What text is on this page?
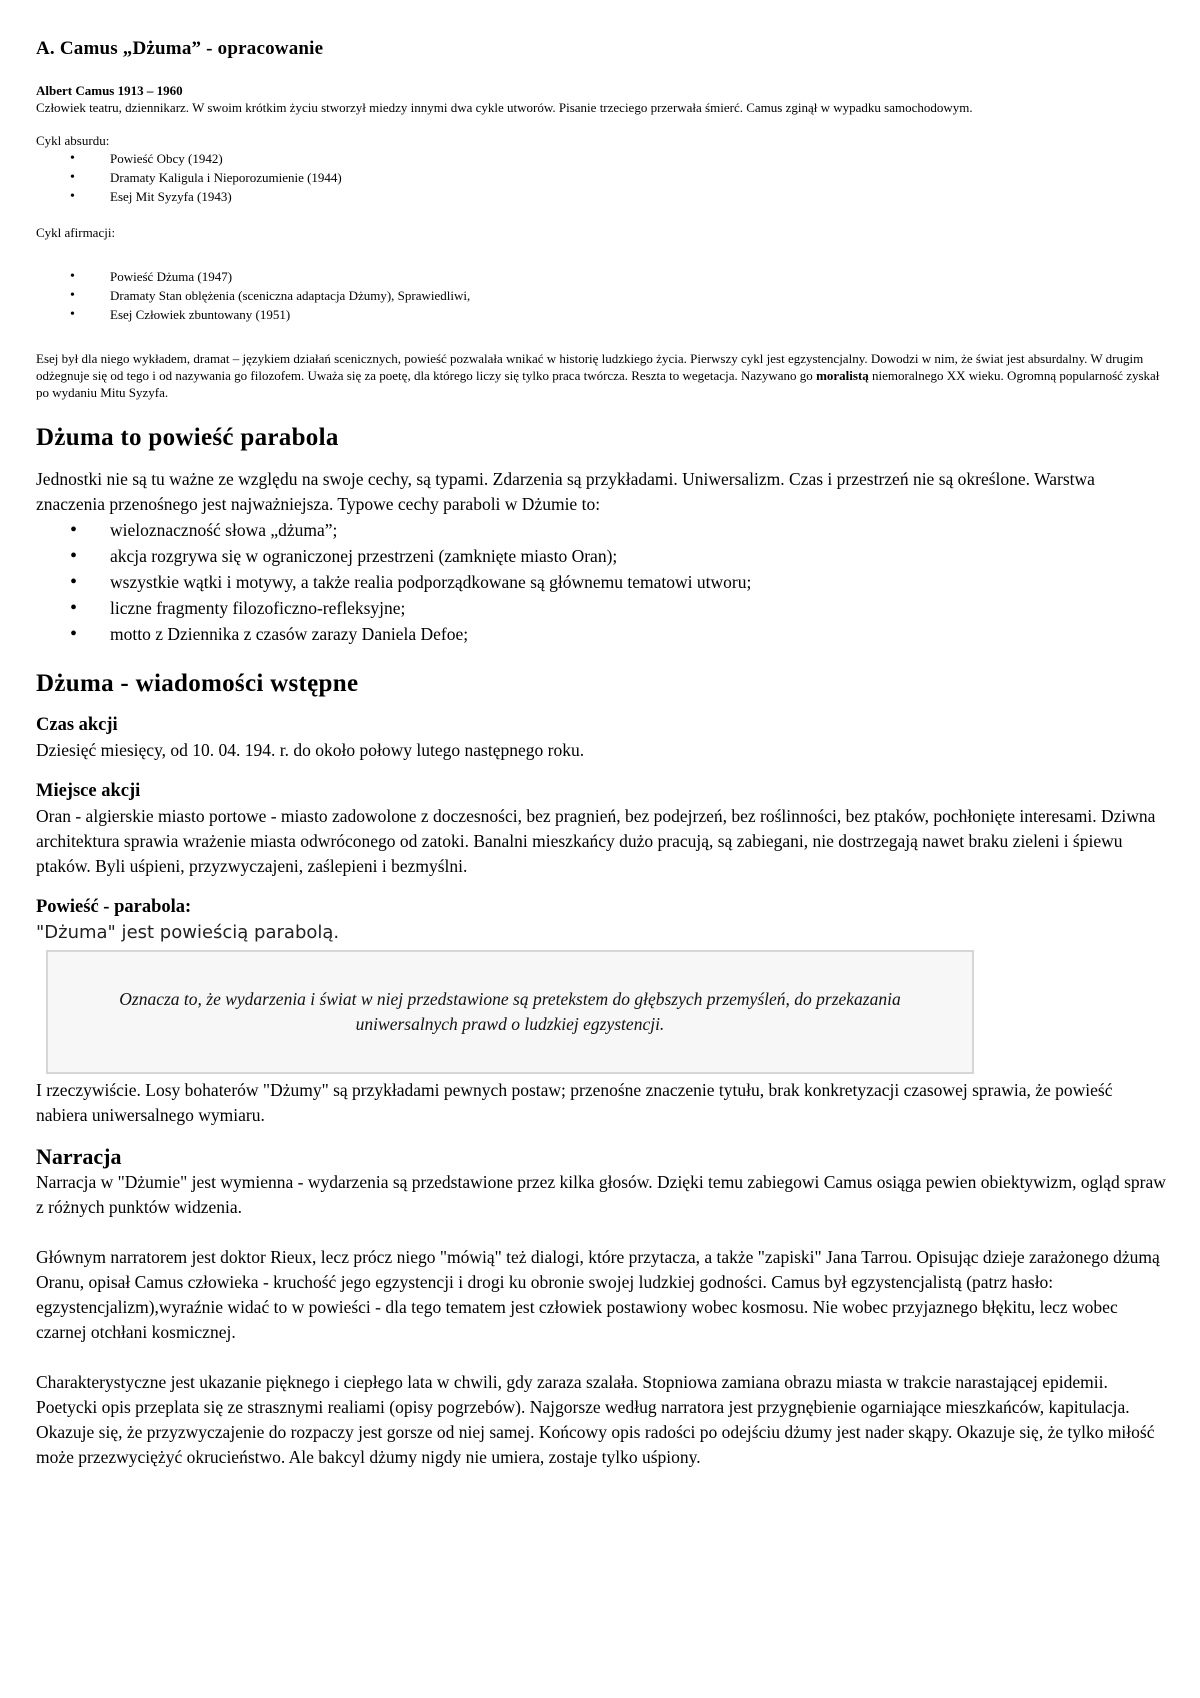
A. Camus „Dżuma” - opracowanie

Albert Camus 1913 – 1960

Człowiek teatru, dziennikarz. W swoim krótkim życiu stworzył miedzy innymi dwa cykle utworów. Pisanie trzeciego przerwała śmierć. Camus zginął w wypadku samochodowym.

Cykl absurdu:

• Powieść Obcy (1942)
• Dramaty Kaligula i Nieporozumienie (1944)
• Esej Mit Syzyfa (1943)

Cykl afirmacji:

• Powieść Dżuma (1947)
• Dramaty Stan oblężenia (sceniczna adaptacja Dżumy), Sprawiedliwi,
• Esej Człowiek zbuntowany (1951)

Esej był dla niego wykładem, dramat – językiem działań scenicznych, powieść pozwalała wnikać w historię ludzkiego życia. Pierwszy cykl jest egzystencjalny. Dowodzi w nim, że świat jest absurdalny. W drugim odżegnuje się od tego i od nazywania go filozofem. Uważa się za poetę, dla którego liczy się tylko praca twórcza. Reszta to wegetacja. Nazywano go moralistą niemoralnego XX wieku. Ogromną popularność zyskał po wydaniu Mitu Syzyfa.

Dżuma to powieść parabola

Jednostki nie są tu ważne ze względu na swoje cechy, są typami. Zdarzenia są przykładami. Uniwersalizm. Czas i przestrzeń nie są określone. Warstwa znaczenia przenośnego jest najważniejsza. Typowe cechy paraboli w Dżumie to:

• wieloznaczność słowa „dżuma”;
• akcja rozgrywa się w ograniczonej przestrzeni (zamknięte miasto Oran);
• wszystkie wątki i motywy, a także realia podporządkowane są głównemu tematowi utworu;
• liczne fragmenty filozoficzno-refleksyjne;
• motto z Dziennika z czasów zarazy Daniela Defoe;
Dżuma - wiadomości wstępne
Czas akcji

Dziesięć miesięcy, od 10. 04. 194. r. do około połowy lutego następnego roku.

Miejsce akcji

Oran - algierskie miasto portowe - miasto zadowolone z doczesności, bez pragnień, bez podejrzeń, bez roślinności, bez ptaków, pochłonięte interesami. Dziwna architektura sprawia wrażenie miasta odwróconego od zatoki. Banalni mieszkańcy dużo pracują, są zabiegani, nie dostrzegają nawet braku zieleni i śpiewu ptaków. Byli uśpieni, przyzwyczajeni, zaślepieni i bezmyślni.

Powieść - parabola:
"Dżuma" jest powieścią parabolą.
Oznacza to, że wydarzenia i świat w niej przedstawione są pretekstem do głębszych przemyśleń, do przekazania uniwersalnych prawd o ludzkiej egzystencji.

I rzeczywiście. Losy bohaterów "Dżumy" są przykładami pewnych postaw; przenośne znaczenie tytułu, brak konkretyzacji czasowej sprawia, że powieść nabiera uniwersalnego wymiaru.

Narracja

Narracja w "Dżumie" jest wymienna - wydarzenia są przedstawione przez kilka głosów. Dzięki temu zabiegowi Camus osiąga pewien obiektywizm, ogląd spraw z różnych punktów widzenia.

Głównym narratorem jest doktor Rieux, lecz prócz niego "mówią" też dialogi, które przytacza, a także "zapiski" Jana Tarrou. Opisując dzieje zarażonego dżumą Oranu, opisał Camus człowieka - kruchość jego egzystencji i drogi ku obronie swojej ludzkiej godności. Camus był egzystencjalistą (patrz hasło: egzystencjalizm),wyraźnie widać to w powieści - dla tego tematem jest człowiek postawiony wobec kosmosu. Nie wobec przyjaznego błękitu, lecz wobec czarnej otchłani kosmicznej.

Charakterystyczne jest ukazanie pięknego i ciepłego lata w chwili, gdy zaraza szalała. Stopniowa zamiana obrazu miasta w trakcie narastającej epidemii. Poetycki opis przeplata się ze strasznymi realiami (opisy pogrzebów). Najgorsze według narratora jest przygnębienie ogarniające mieszkańców, kapitulacja. Okazuje się, że przyzwyczajenie do rozpaczy jest gorsze od niej samej. Końcowy opis radości po odejściu dżumy jest nader skąpy. Okazuje się, że tylko miłość może przezwyciężyć okrucieństwo. Ale bakcyl dżumy nigdy nie umiera, zostaje tylko uśpiony.
